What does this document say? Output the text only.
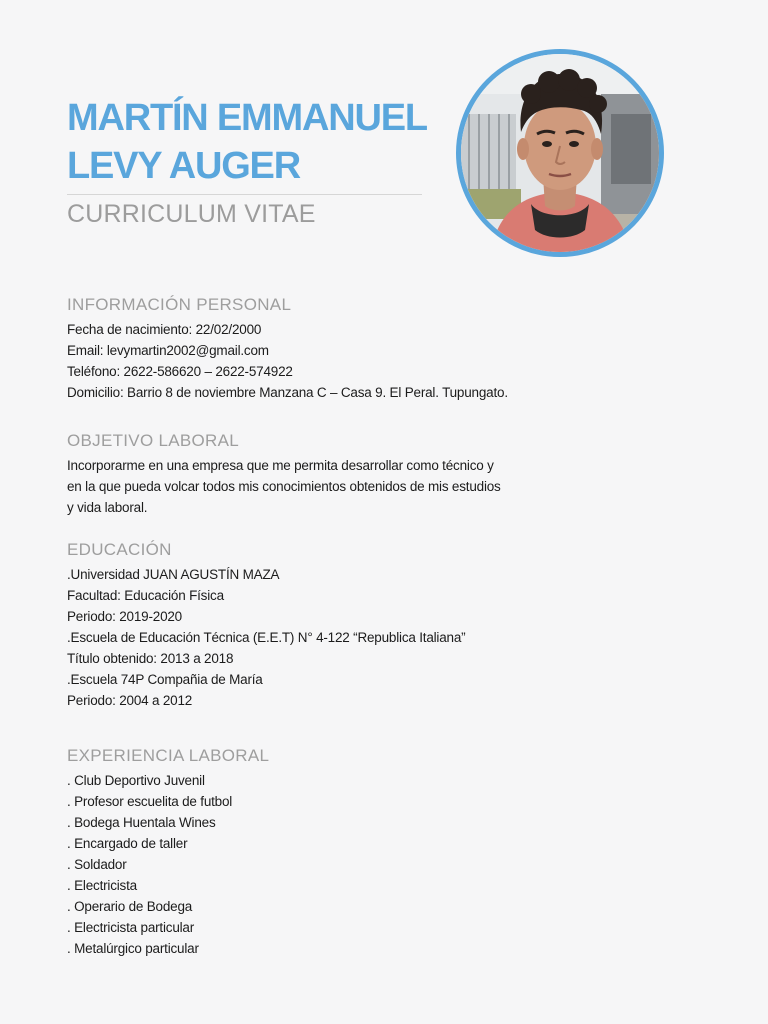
MARTÍN EMMANUEL
LEVY AUGER
CURRICULUM VITAE
INFORMACIÓN PERSONAL
Fecha de nacimiento: 22/02/2000
Email: levymartin2002@gmail.com
Teléfono: 2622-586620 – 2622-574922
Domicilio: Barrio 8 de noviembre Manzana C – Casa 9. El Peral. Tupungato.
OBJETIVO LABORAL

Incorporarme en una empresa que me permita desarrollar como técnico y
en la que pueda volcar todos mis conocimientos obtenidos de mis estudios
y vida laboral.

EDUCACIÓN
.Universidad JUAN AGUSTÍN MAZA
Facultad: Educación Física
Periodo: 2019-2020
.Escuela de Educación Técnica (E.E.T) N° 4-122 “Republica Italiana”
Título obtenido: 2013 a 2018
.Escuela 74P Compañia de María
Periodo: 2004 a 2012
EXPERIENCIA LABORAL
. Club Deportivo Juvenil
. Profesor escuelita de futbol
. Bodega Huentala Wines
. Encargado de taller
. Soldador
. Electricista
. Operario de Bodega
. Electricista particular
. Metalúrgico particular
